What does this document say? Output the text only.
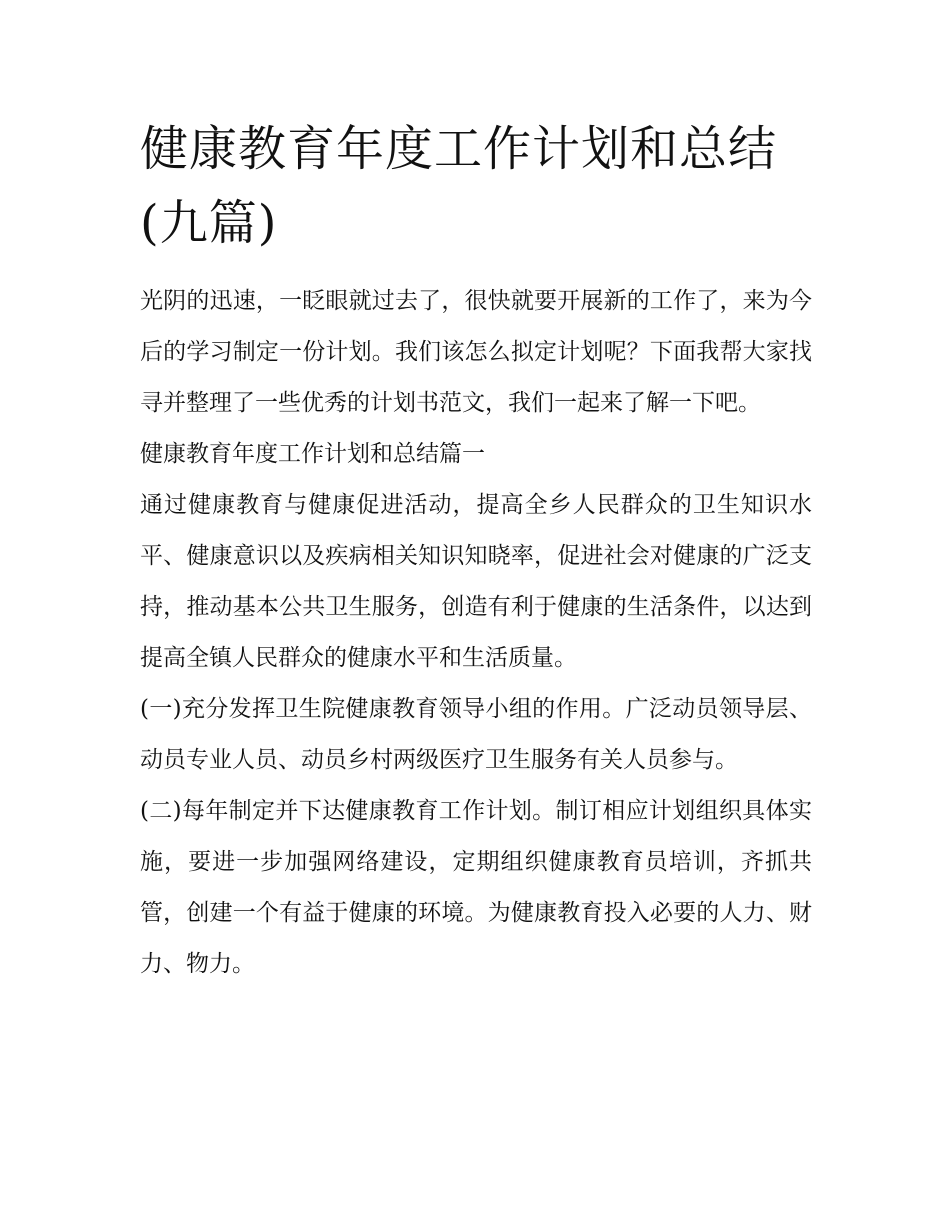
健康教育年度工作计划和总结(九篇)

光阴的迅速，一眨眼就过去了，很快就要开展新的工作了，来为今后的学习制定一份计划。我们该怎么拟定计划呢？下面我帮大家找寻并整理了一些优秀的计划书范文，我们一起来了解一下吧。

健康教育年度工作计划和总结篇一

通过健康教育与健康促进活动，提高全乡人民群众的卫生知识水平、健康意识以及疾病相关知识知晓率，促进社会对健康的广泛支持，推动基本公共卫生服务，创造有利于健康的生活条件，以达到提高全镇人民群众的健康水平和生活质量。

(一)充分发挥卫生院健康教育领导小组的作用。广泛动员领导层、动员专业人员、动员乡村两级医疗卫生服务有关人员参与。

(二)每年制定并下达健康教育工作计划。制订相应计划组织具体实施，要进一步加强网络建设，定期组织健康教育员培训，齐抓共管，创建一个有益于健康的环境。为健康教育投入必要的人力、财力、物力。
